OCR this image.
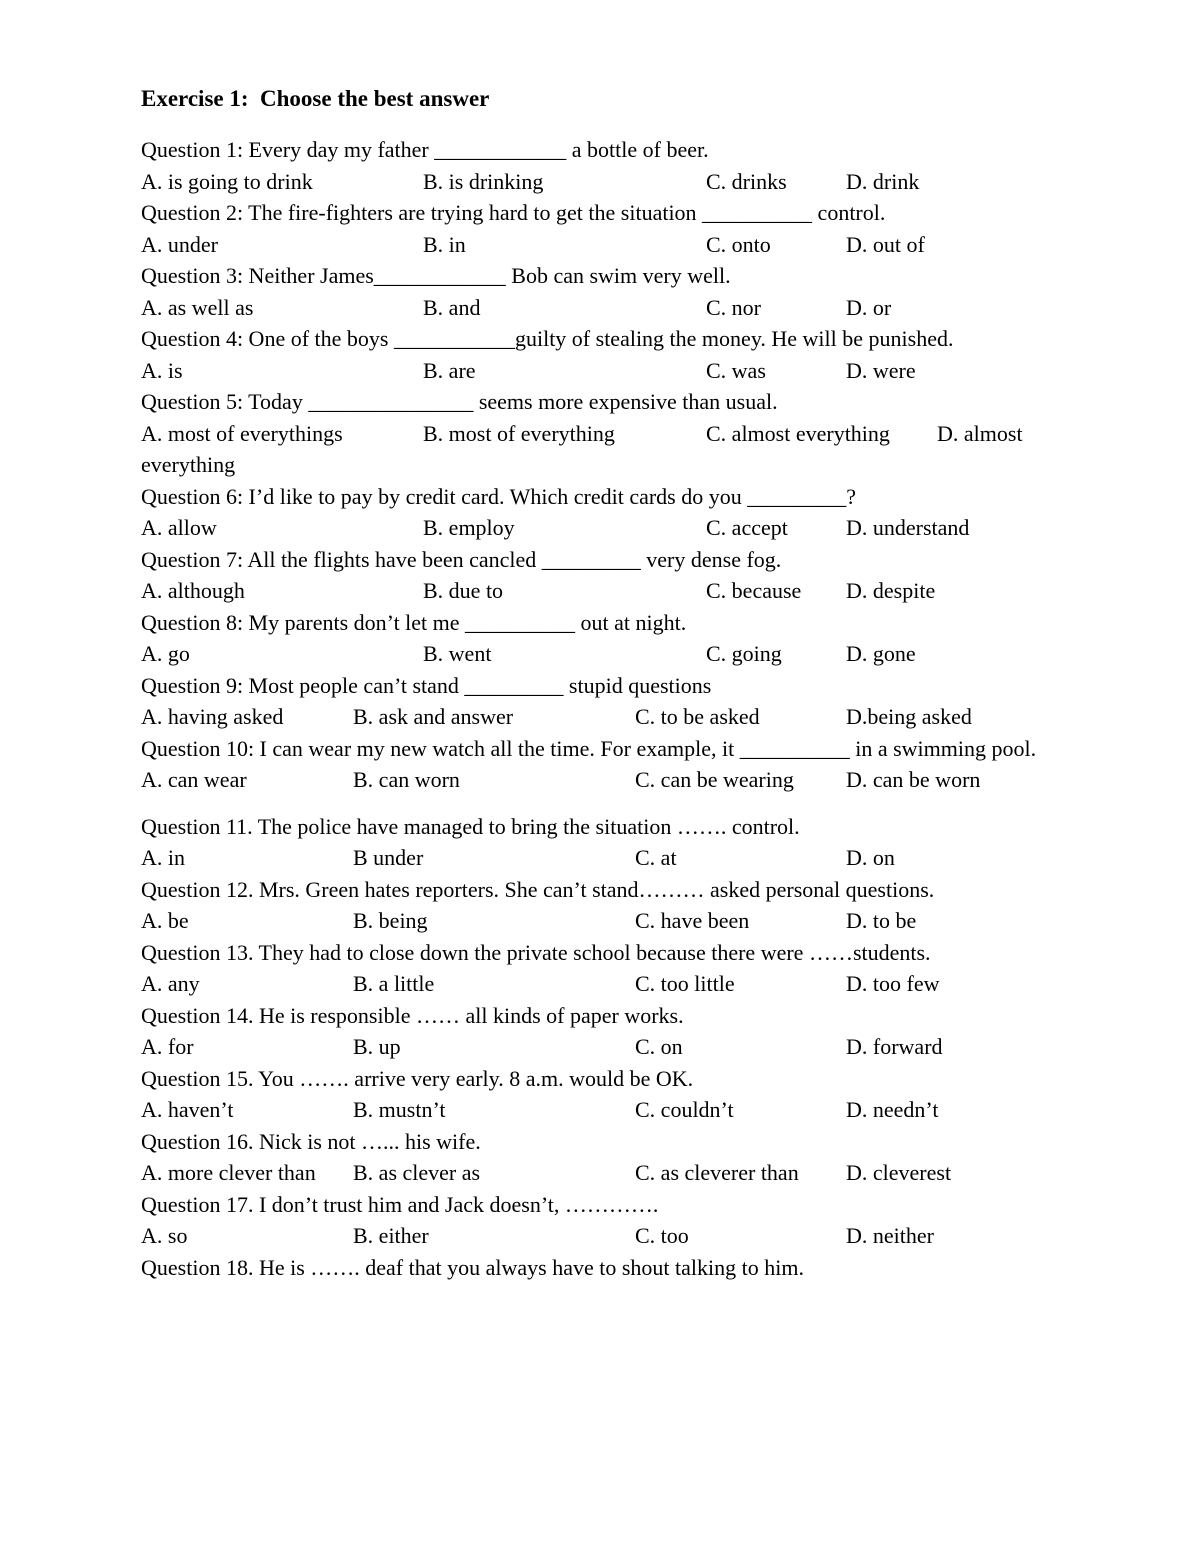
Exercise 1:  Choose the best answer
Question 1: Every day my father ____________ a bottle of beer.
A. is going to drink	B. is drinking	C. drinks	D. drink
Question 2: The fire-fighters are trying hard to get the situation __________ control.
A. under	B. in	C. onto	D. out of
Question 3: Neither James____________ Bob can swim very well.
A. as well as	B. and	C. nor	D. or
Question 4: One of the boys ___________guilty of stealing the money. He will be punished.
A. is	B. are	C. was	D. were
Question 5: Today _______________ seems more expensive than usual.
A. most of everythings	B. most of everything	C. almost everything	D. almost everything
Question 6: I’d like to pay by credit card. Which credit cards do you _________?
A. allow	B. employ	C. accept	D. understand
Question 7: All the flights have been cancled _________ very dense fog.
A. although	B. due to	C. because D. despite
Question 8: My parents don’t let me __________ out at night.
A. go	B. went	C. going	D. gone
Question 9: Most people can’t stand _________ stupid questions
A. having asked	B. ask and answer	C. to be asked	D.being asked
Question 10: I can wear my new watch all the time. For example, it __________ in a swimming pool.
A. can wear	B. can worn	C. can be wearing D. can be worn
Question 11. The police have managed to bring the situation ……. control.
A. in	B under	C. at	D. on
Question 12. Mrs. Green hates reporters. She can’t stand……… asked personal questions.
A. be	B. being	C. have been	D. to be
Question 13. They had to close down the private school because there were ……students.
A. any	B. a little	C. too little	D. too few
Question 14. He is responsible …… all kinds of paper works.
A. for	B. up	C. on	D. forward
Question 15. You ……. arrive very early. 8 a.m. would be OK.
A. haven’t	B. mustn’t	C. couldn’t	D. needn’t
Question 16. Nick is not …... his wife.
A. more clever than B. as clever as	C. as cleverer than D. cleverest
Question 17. I don’t trust him and Jack doesn’t, ………….
A. so	B. either	C. too	D. neither
Question 18. He is ……. deaf that you always have to shout talking to him.
